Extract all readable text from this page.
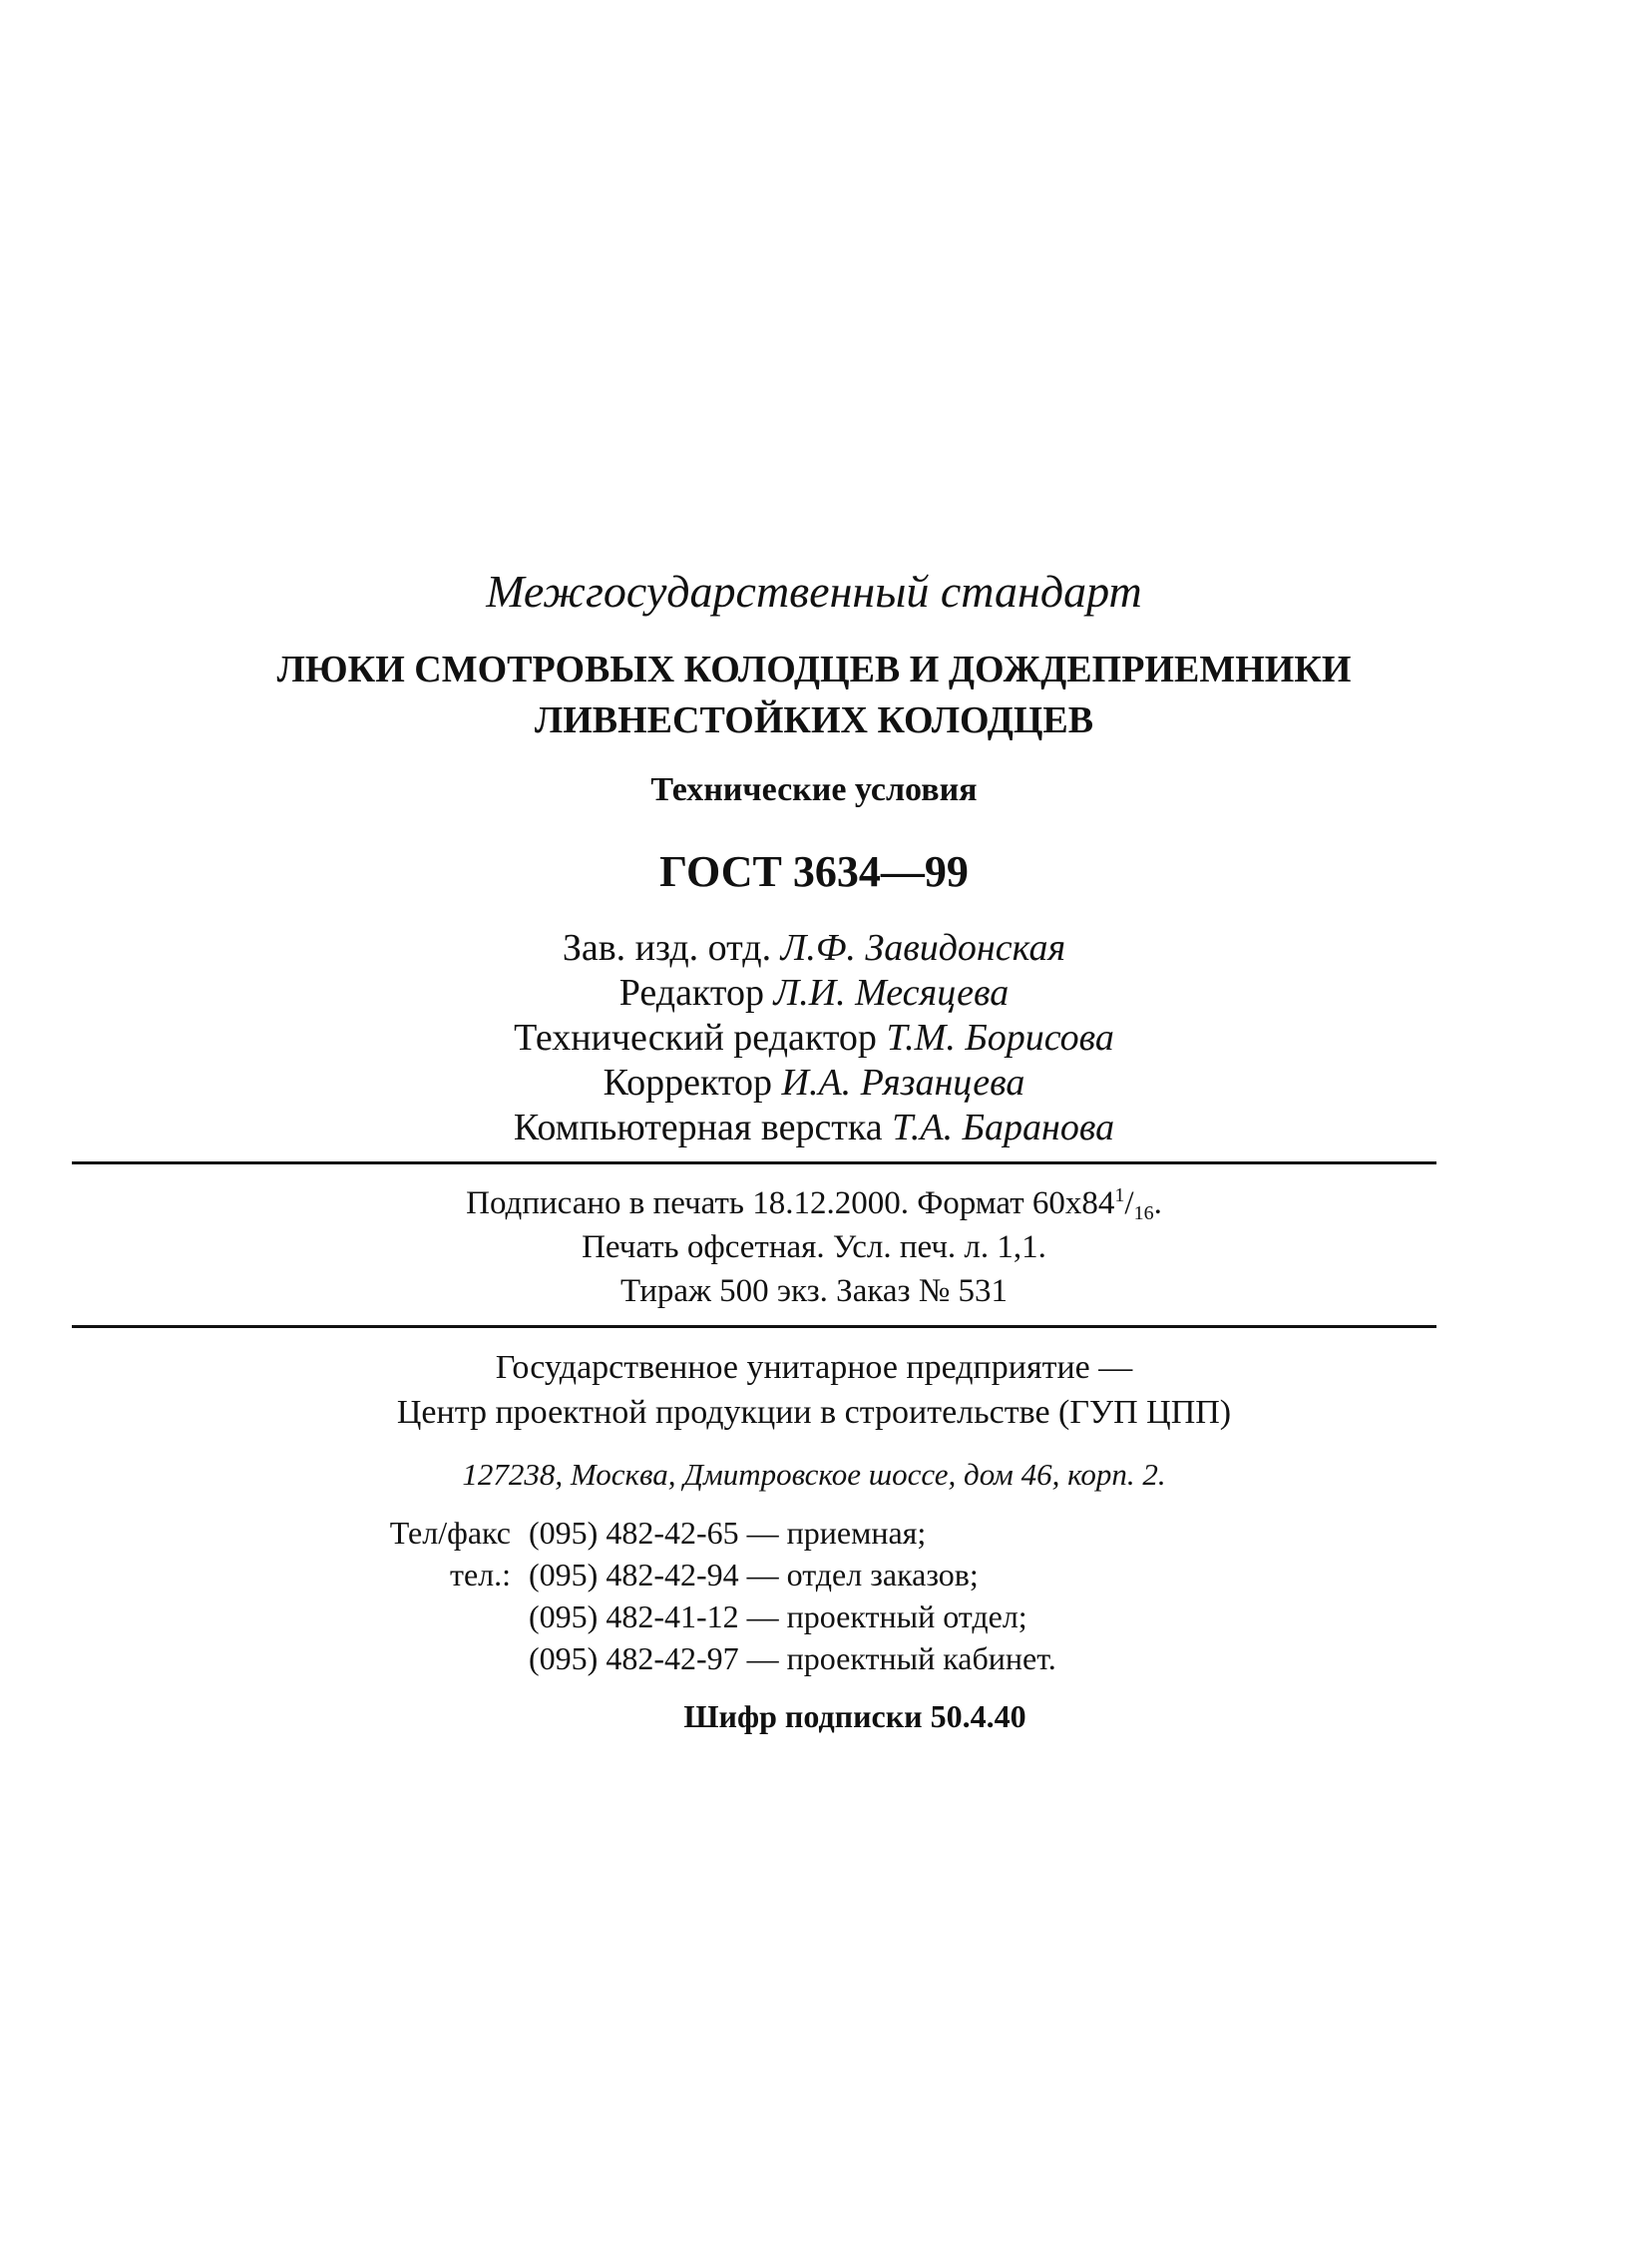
Межгосударственный стандарт
ЛЮКИ СМОТРОВЫХ КОЛОДЦЕВ И ДОЖДЕПРИЕМНИКИ
ЛИВНЕСТОЙКИХ КОЛОДЦЕВ
Технические условия
ГОСТ 3634—99
Зав. изд. отд. Л.Ф. Завидонская
Редактор Л.И. Месяцева
Технический редактор Т.М. Борисова
Корректор И.А. Рязанцева
Компьютерная верстка Т.А. Баранова
Подписано в печать 18.12.2000. Формат $60x84^1/_{16}$.
Печать офсетная. Усл. печ. л. 1,1.
Тираж 500 экз. Заказ № 531
Государственное унитарное предприятие —
Центр проектной продукции в строительстве (ГУП ЦПП)
127238, Москва, Дмитровское шоссе, дом 46, корп. 2.
Тел/факс (095) 482-42-65 — приемная;
тел.: (095) 482-42-94 — отдел заказов;
(095) 482-41-12 — проектный отдел;
(095) 482-42-97 — проектный кабинет.
Шифр подписки 50.4.40
